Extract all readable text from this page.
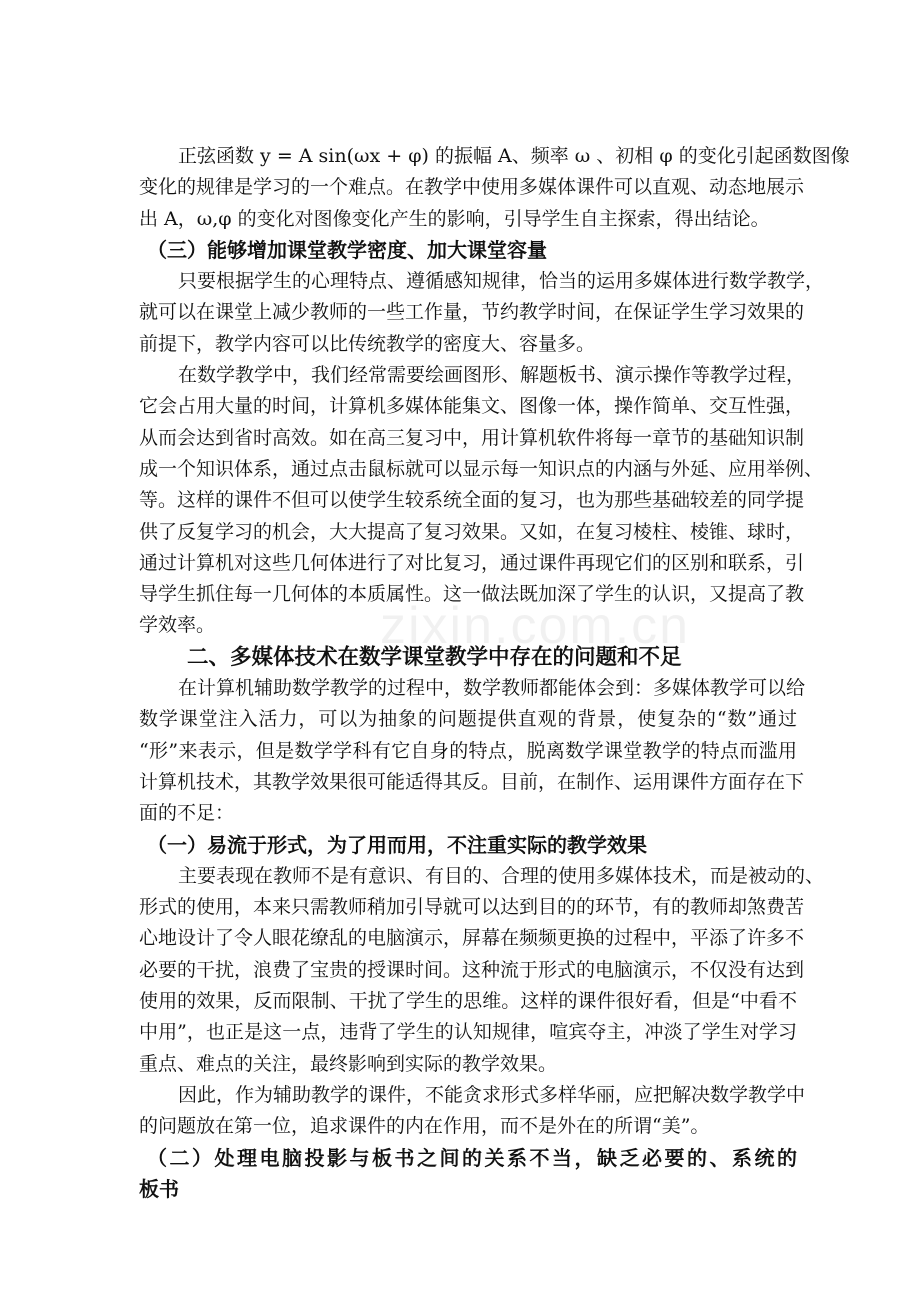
zixin.com.cn
正弦函数 y = A sin(ωx + φ) 的振幅 A、频率 ω 、初相 φ 的变化引起函数图像
变化的规律是学习的一个难点。在教学中使用多媒体课件可以直观、动态地展示
出 A，ω,φ 的变化对图像变化产生的影响，引导学生自主探索，得出结论。
（三）能够增加课堂教学密度、加大课堂容量
只要根据学生的心理特点、遵循感知规律，恰当的运用多媒体进行数学教学，
就可以在课堂上减少教师的一些工作量，节约教学时间，在保证学生学习效果的
前提下，教学内容可以比传统教学的密度大、容量多。
在数学教学中，我们经常需要绘画图形、解题板书、演示操作等教学过程，
它会占用大量的时间，计算机多媒体能集文、图像一体，操作简单、交互性强，
从而会达到省时高效。如在高三复习中，用计算机软件将每一章节的基础知识制
成一个知识体系，通过点击鼠标就可以显示每一知识点的内涵与外延、应用举例、
等。这样的课件不但可以使学生较系统全面的复习，也为那些基础较差的同学提
供了反复学习的机会，大大提高了复习效果。又如，在复习棱柱、棱锥、球时，
通过计算机对这些几何体进行了对比复习，通过课件再现它们的区别和联系，引
导学生抓住每一几何体的本质属性。这一做法既加深了学生的认识，又提高了教
学效率。
二、多媒体技术在数学课堂教学中存在的问题和不足
在计算机辅助数学教学的过程中，数学教师都能体会到：多媒体教学可以给
数学课堂注入活力，可以为抽象的问题提供直观的背景，使复杂的“数”通过
“形”来表示，但是数学学科有它自身的特点，脱离数学课堂教学的特点而滥用
计算机技术，其教学效果很可能适得其反。目前，在制作、运用课件方面存在下
面的不足：
（一）易流于形式，为了用而用，不注重实际的教学效果
主要表现在教师不是有意识、有目的、合理的使用多媒体技术，而是被动的、
形式的使用，本来只需教师稍加引导就可以达到目的的环节，有的教师却煞费苦
心地设计了令人眼花缭乱的电脑演示，屏幕在频频更换的过程中，平添了许多不
必要的干扰，浪费了宝贵的授课时间。这种流于形式的电脑演示，不仅没有达到
使用的效果，反而限制、干扰了学生的思维。这样的课件很好看，但是“中看不
中用”，也正是这一点，违背了学生的认知规律，喧宾夺主，冲淡了学生对学习
重点、难点的关注，最终影响到实际的教学效果。
因此，作为辅助教学的课件，不能贪求形式多样华丽，应把解决数学教学中
的问题放在第一位，追求课件的内在作用，而不是外在的所谓“美”。
（二）处理电脑投影与板书之间的关系不当，缺乏必要的、系统的
板书
